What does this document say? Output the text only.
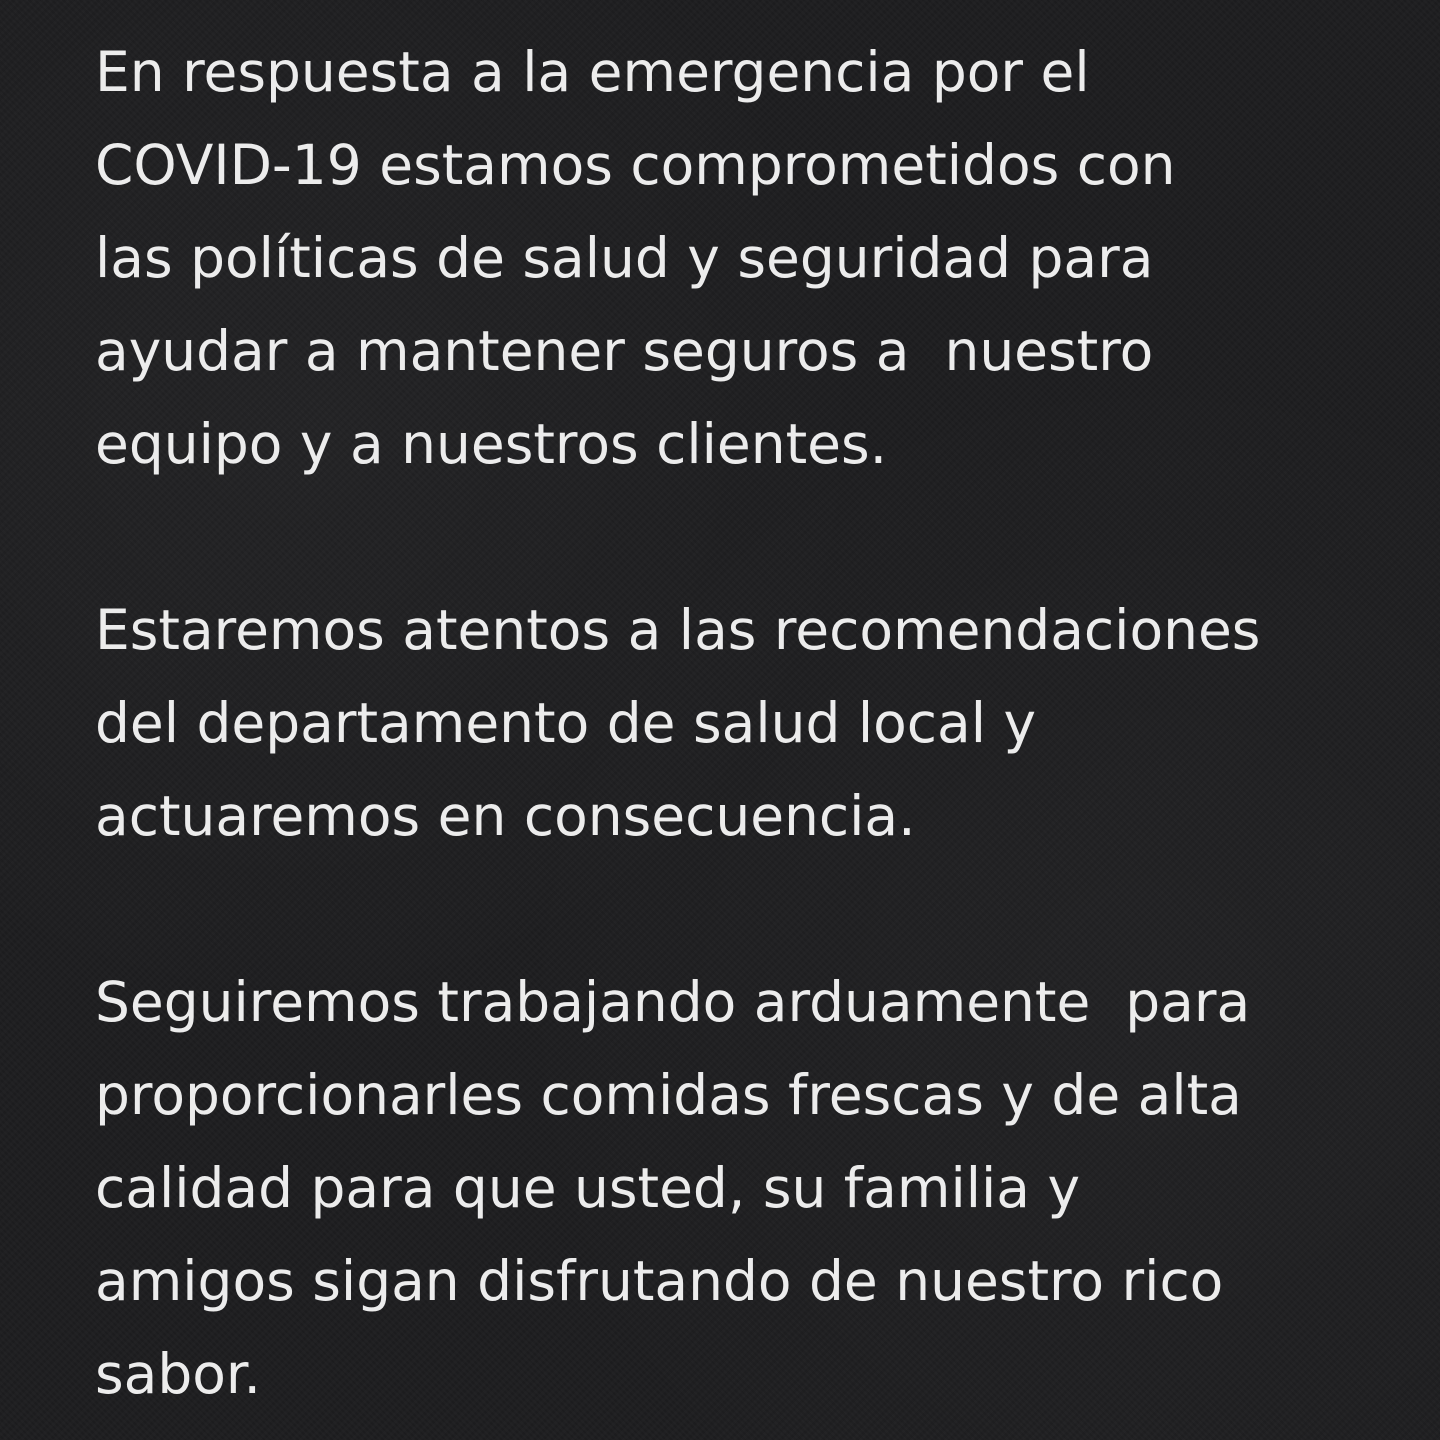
En respuesta a la emergencia por el
COVID-19 estamos comprometidos con
las políticas de salud y seguridad para
ayudar a mantener seguros a  nuestro
equipo y a nuestros clientes.
Estaremos atentos a las recomendaciones
del departamento de salud local y
actuaremos en consecuencia.
Seguiremos trabajando arduamente  para
proporcionarles comidas frescas y de alta
calidad para que usted, su familia y
amigos sigan disfrutando de nuestro rico
sabor.
